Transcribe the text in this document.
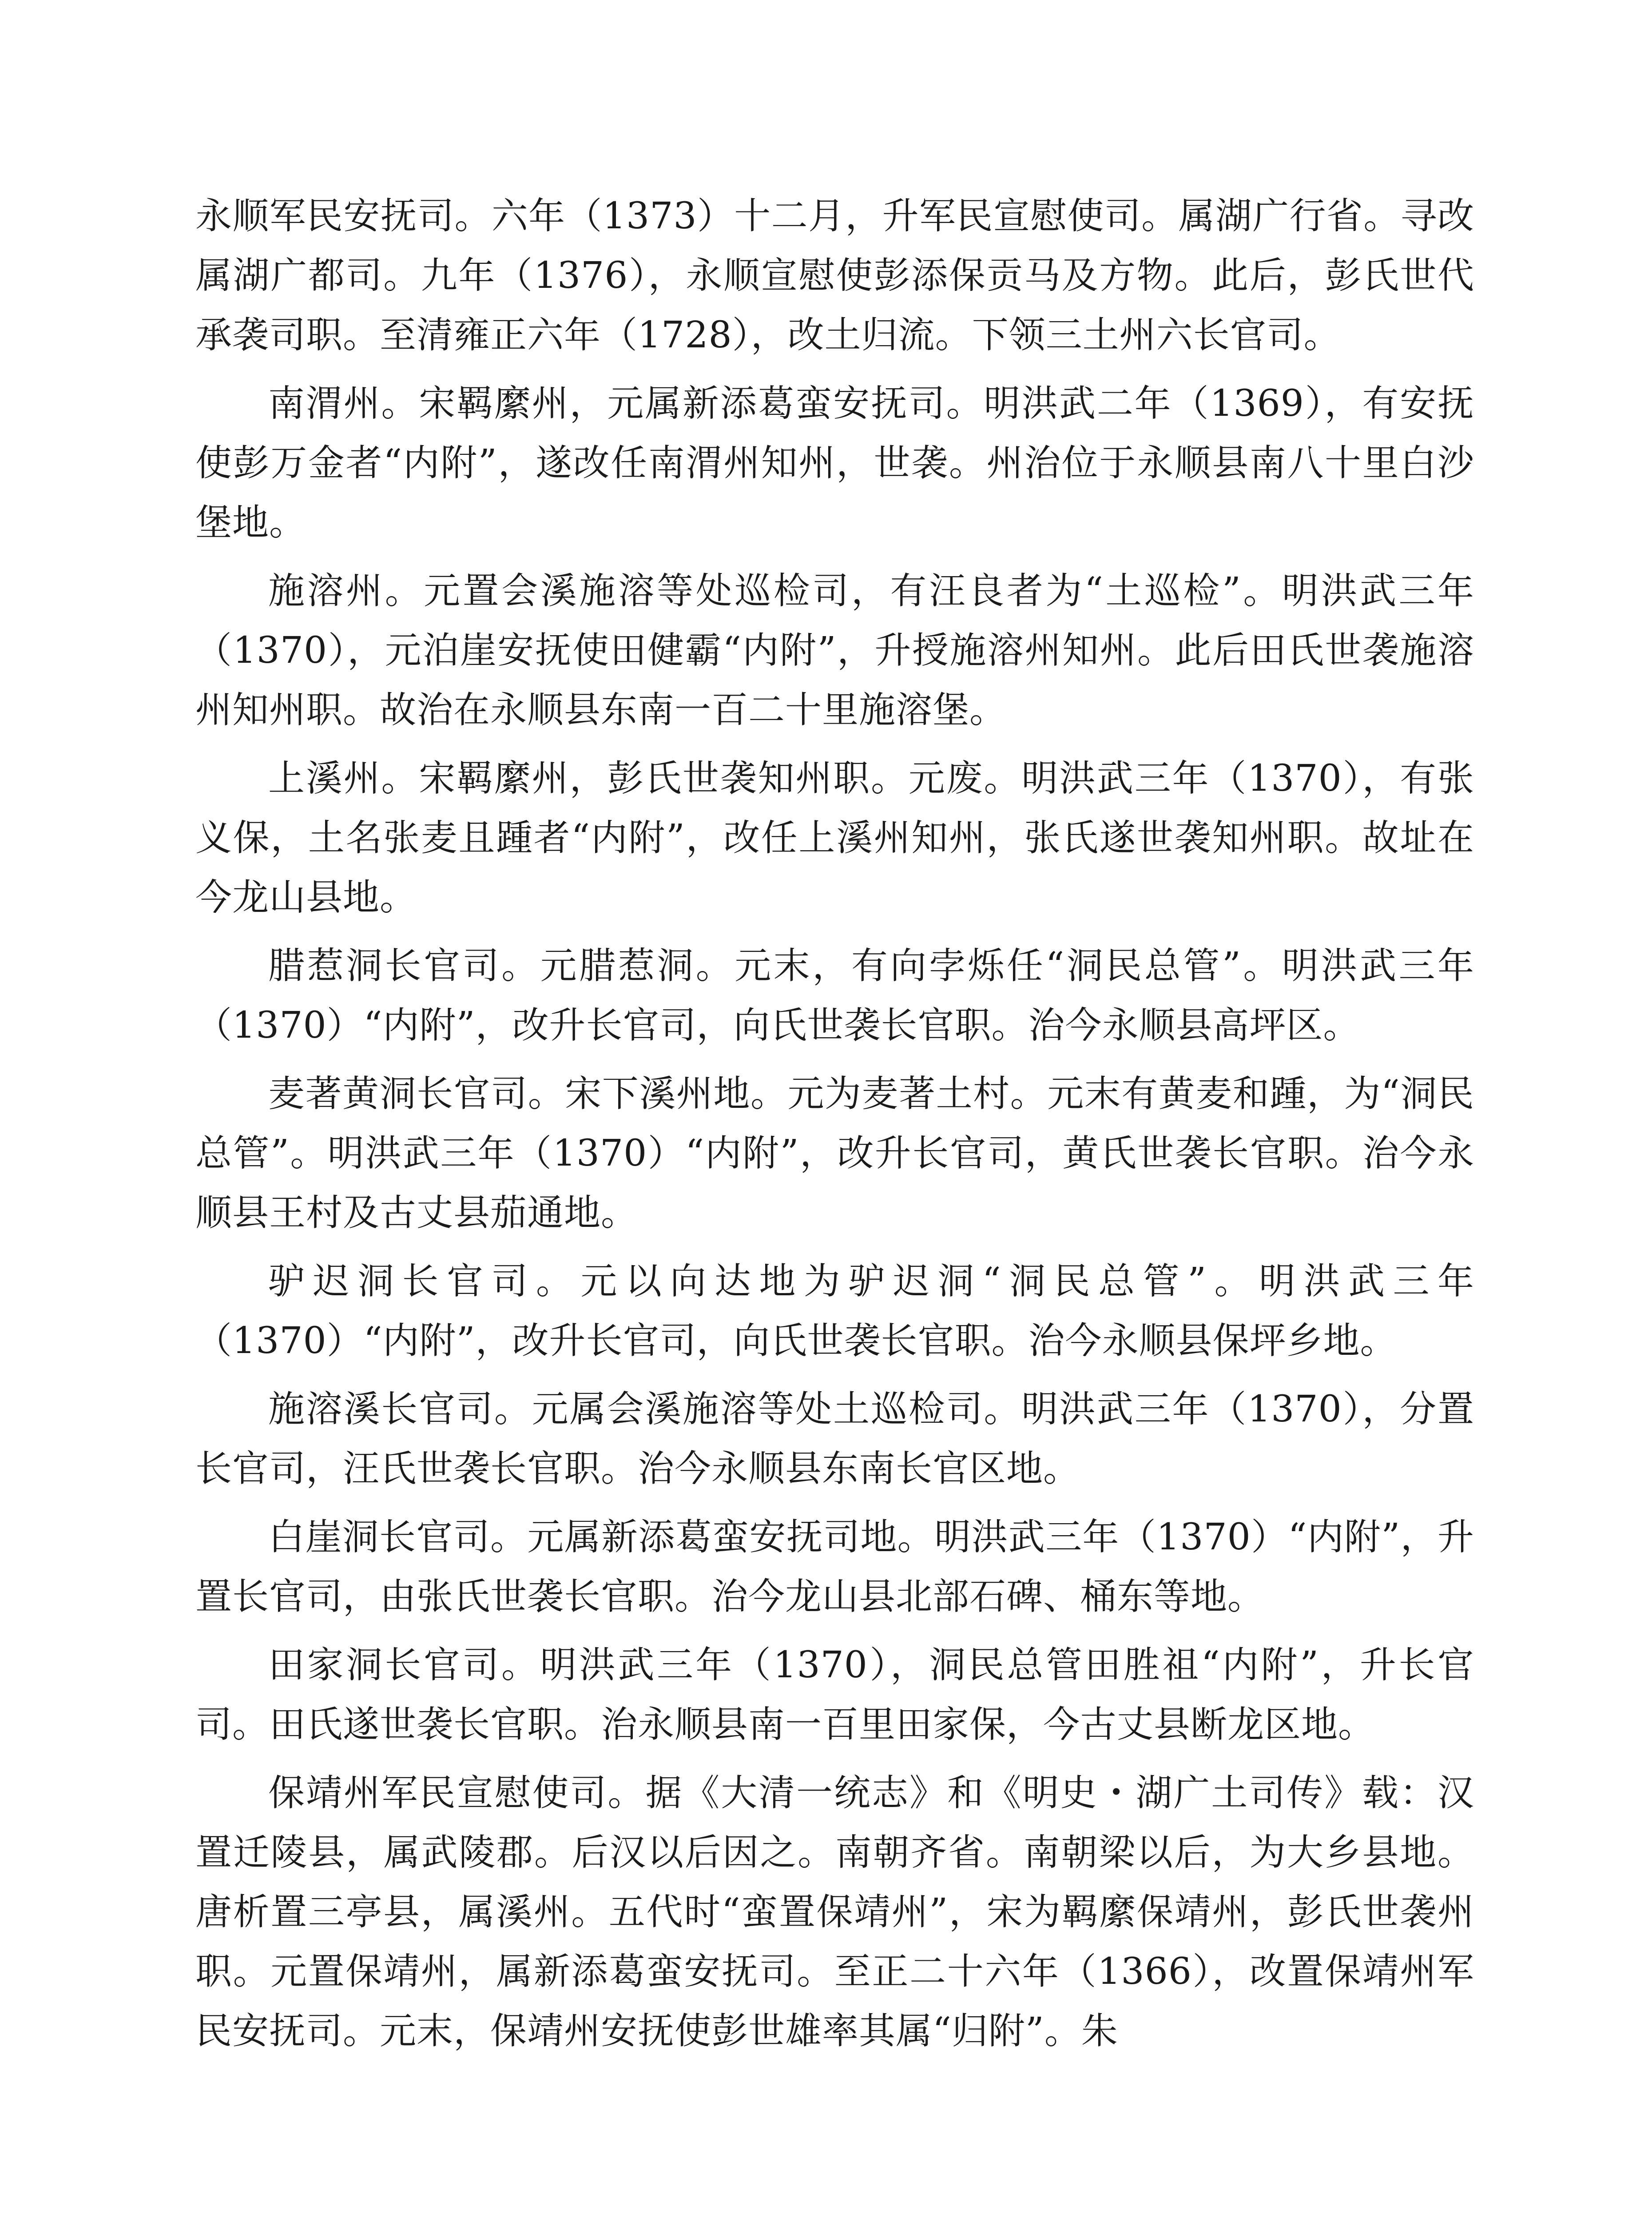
永顺军民安抚司。六年（1373）十二月，升军民宣慰使司。属湖广行省。寻改属湖广都司。九年（1376），永顺宣慰使彭添保贡马及方物。此后，彭氏世代承袭司职。至清雍正六年（1728），改土归流。下领三土州六长官司。

南渭州。宋羁縻州，元属新添葛蛮安抚司。明洪武二年（1369），有安抚使彭万金者“内附”，遂改任南渭州知州，世袭。州治位于永顺县南八十里白沙堡地。

施溶州。元置会溪施溶等处巡检司，有汪良者为“土巡检”。明洪武三年（1370），元泊崖安抚使田健霸“内附”，升授施溶州知州。此后田氏世袭施溶州知州职。故治在永顺县东南一百二十里施溶堡。

上溪州。宋羁縻州，彭氏世袭知州职。元废。明洪武三年（1370），有张义保，土名张麦且踵者“内附”，改任上溪州知州，张氏遂世袭知州职。故址在今龙山县地。

腊惹洞长官司。元腊惹洞。元末，有向孛烁任“洞民总管”。明洪武三年（1370）“内附”，改升长官司，向氏世袭长官职。治今永顺县高坪区。

麦著黄洞长官司。宋下溪州地。元为麦著土村。元末有黄麦和踵，为“洞民总管”。明洪武三年（1370）“内附”，改升长官司，黄氏世袭长官职。治今永顺县王村及古丈县茄通地。

驴迟洞长官司。元以向达地为驴迟洞“洞民总管”。明洪武三年（1370）“内附”，改升长官司，向氏世袭长官职。治今永顺县保坪乡地。

施溶溪长官司。元属会溪施溶等处土巡检司。明洪武三年（1370），分置长官司，汪氏世袭长官职。治今永顺县东南长官区地。

白崖洞长官司。元属新添葛蛮安抚司地。明洪武三年（1370）“内附”，升置长官司，由张氏世袭长官职。治今龙山县北部石碑、桶东等地。

田家洞长官司。明洪武三年（1370），洞民总管田胜祖“内附”，升长官司。田氏遂世袭长官职。治永顺县南一百里田家保，今古丈县断龙区地。

保靖州军民宣慰使司。据《大清一统志》和《明史・湖广土司传》载：汉置迁陵县，属武陵郡。后汉以后因之。南朝齐省。南朝梁以后，为大乡县地。唐析置三亭县，属溪州。五代时“蛮置保靖州”，宋为羁縻保靖州，彭氏世袭州职。元置保靖州，属新添葛蛮安抚司。至正二十六年（1366），改置保靖州军民安抚司。元末，保靖州安抚使彭世雄率其属“归附”。朱
